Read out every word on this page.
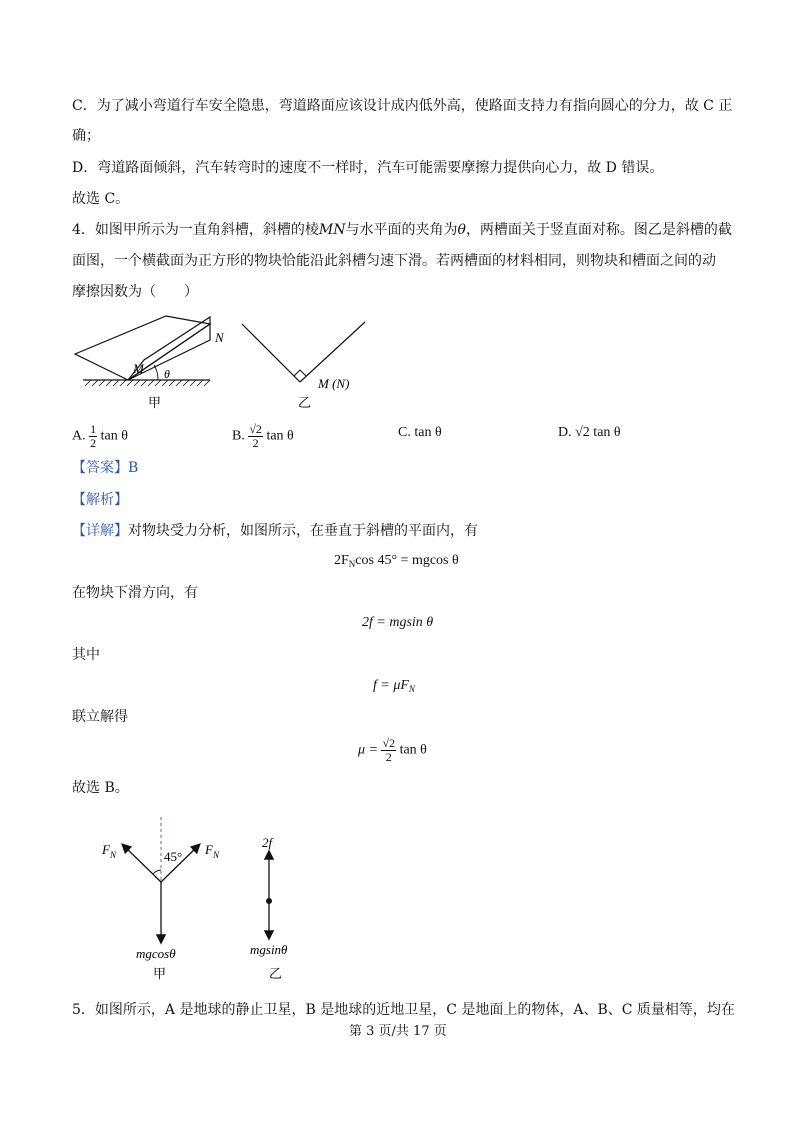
C．为了减小弯道行车安全隐患，弯道路面应该设计成内低外高，使路面支持力有指向圆心的分力，故 C 正
确；
D．弯道路面倾斜，汽车转弯时的速度不一样时，汽车可能需要摩擦力提供向心力，故 D 错误。
故选 C。
4．如图甲所示为一直角斜槽，斜槽的棱MN与水平面的夹角为θ，两槽面关于竖直面对称。图乙是斜槽的截
面图，一个横截面为正方形的物块恰能沿此斜槽匀速下滑。若两槽面的材料相同，则物块和槽面之间的动
摩擦因数为（　　）
N
M θ
甲
M (N)
乙
A. $\frac{1}{2}$ tan θ	B. $\frac{√2}{2}$ tan θ	C. tan θ	D. √2 tan θ
【答案】B
【解析】
【详解】对物块受力分析，如图所示，在垂直于斜槽的平面内，有
$2F_N\cos$ 45° = mgcos θ
在物块下滑方向，有
2f = mgsin θ
其中
$f = \mu F_N$
联立解得
$\mu = \frac{√2}{2}$ tan θ
故选 B。
$F_N$	$F_N$
45°
mgcosθ
甲
2f
mgsinθ
乙
5．如图所示，A 是地球的静止卫星，B 是地球的近地卫星，C 是地面上的物体，A、B、C 质量相等，均在
第 3 页/共 17 页
